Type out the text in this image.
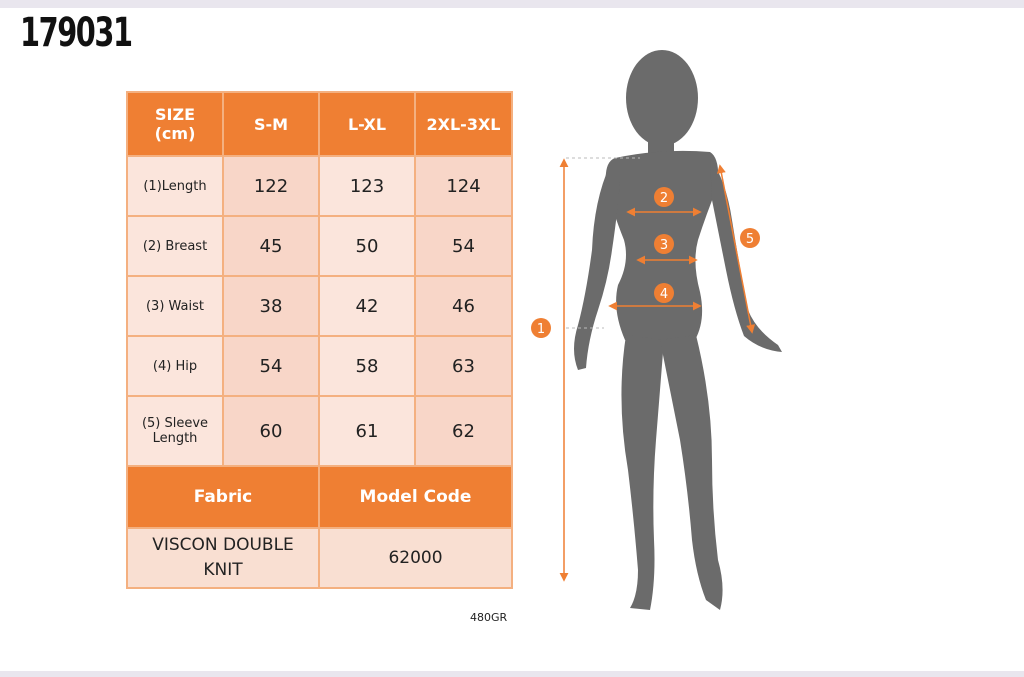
179031
SIZE
(cm)	S-M	L-XL	2XL-3XL
(1)Length	122	123	124
(2) Breast	45	50	54
(3) Waist	38	42	46
(4) Hip	54	58	63

(5) Sleeve
Length	60	61	62
Fabric		Model Code	

VISCON DOUBLE
KNIT		62000	
480GR
1
2
3
4
5
